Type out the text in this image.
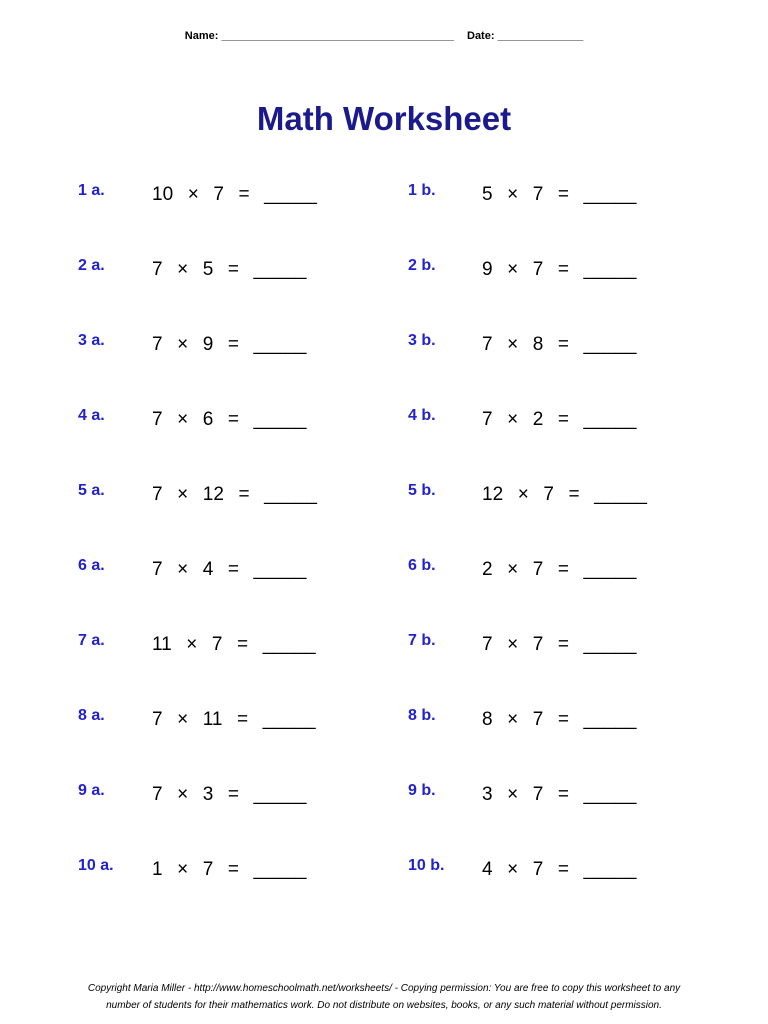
Name: ______________________________________ Date: ______________
Math Worksheet
1 a. 10  ×  7  =  _____
2 a. 7  ×  5  =  _____
3 a. 7  ×  9  =  _____
4 a. 7  ×  6  =  _____
5 a. 7  ×  12  =  _____
6 a. 7  ×  4  =  _____
7 a. 11  ×  7  =  _____
8 a. 7  ×  11  =  _____
9 a. 7  ×  3  =  _____
10 a. 1  ×  7  =  _____
1 b. 5  ×  7  =  _____
2 b. 9  ×  7  =  _____
3 b. 7  ×  8  =  _____
4 b. 7  ×  2  =  _____
5 b. 12  ×  7  =  _____
6 b. 2  ×  7  =  _____
7 b. 7  ×  7  =  _____
8 b. 8  ×  7  =  _____
9 b. 3  ×  7  =  _____
10 b. 4  ×  7  =  _____
Copyright Maria Miller - http://www.homeschoolmath.net/worksheets/ - Copying permission: You are free to copy this worksheet to any
number of students for their mathematics work. Do not distribute on websites, books, or any such material without permission.
